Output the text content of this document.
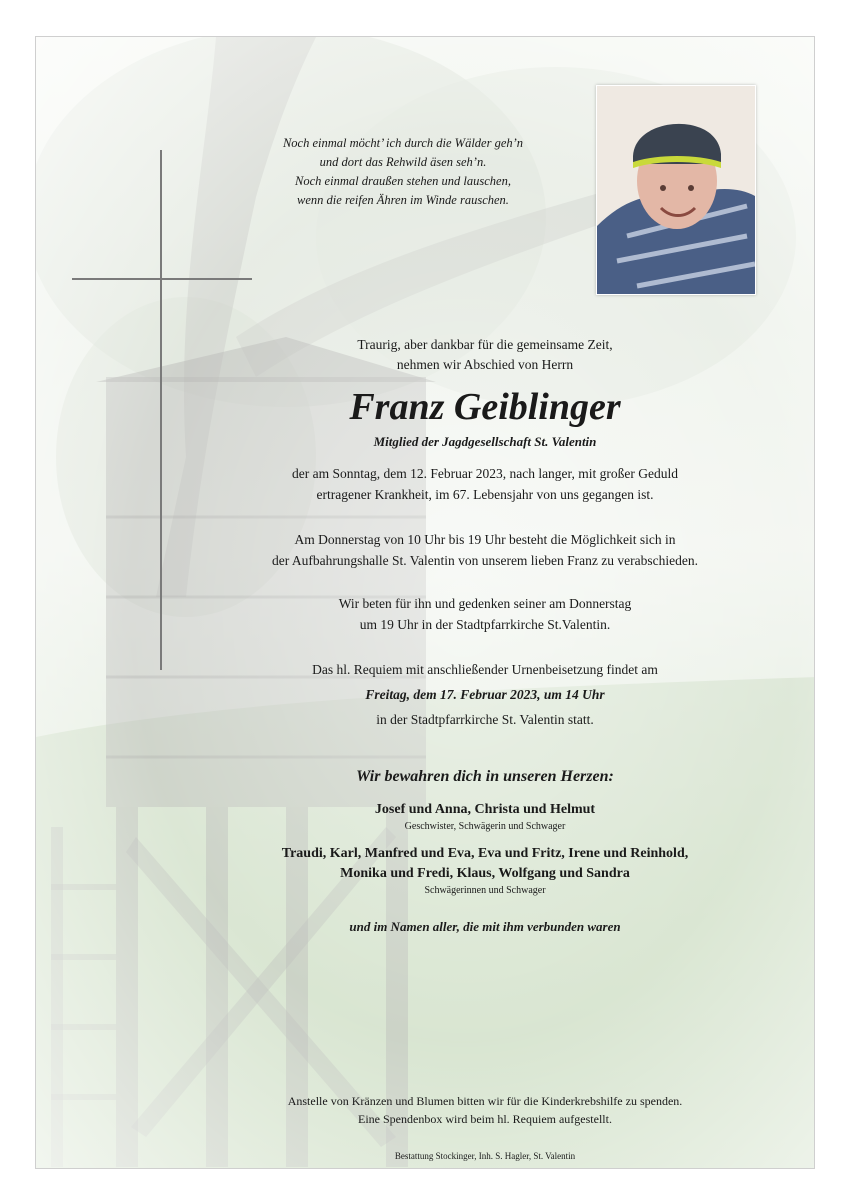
Noch einmal möcht’ ich durch die Wälder geh’n
und dort das Rehwild äsen seh’n.
Noch einmal draußen stehen und lauschen,
wenn die reifen Ähren im Winde rauschen.
Traurig, aber dankbar für die gemeinsame Zeit,
nehmen wir Abschied von Herrn
Franz Geiblinger
Mitglied der Jagdgesellschaft St. Valentin
der am Sonntag, dem 12. Februar 2023, nach langer, mit großer Geduld
ertragener Krankheit, im 67. Lebensjahr von uns gegangen ist.
Am Donnerstag von 10 Uhr bis 19 Uhr besteht die Möglichkeit sich in
der Aufbahrungshalle St. Valentin von unserem lieben Franz zu verabschieden.
Wir beten für ihn und gedenken seiner am Donnerstag
um 19 Uhr in der Stadtpfarrkirche St.Valentin.
Das hl. Requiem mit anschließender Urnenbeisetzung findet am
Freitag, dem 17. Februar 2023, um 14 Uhr
in der Stadtpfarrkirche St. Valentin statt.
Wir bewahren dich in unseren Herzen:
Josef und Anna, Christa und Helmut
Geschwister, Schwägerin und Schwager
Traudi, Karl, Manfred und Eva, Eva und Fritz, Irene und Reinhold,
Monika und Fredi, Klaus, Wolfgang und Sandra
Schwägerinnen und Schwager
und im Namen aller, die mit ihm verbunden waren
Anstelle von Kränzen und Blumen bitten wir für die Kinderkrebshilfe zu spenden.
Eine Spendenbox wird beim hl. Requiem aufgestellt.
Bestattung Stockinger, Inh. S. Hagler, St. Valentin
